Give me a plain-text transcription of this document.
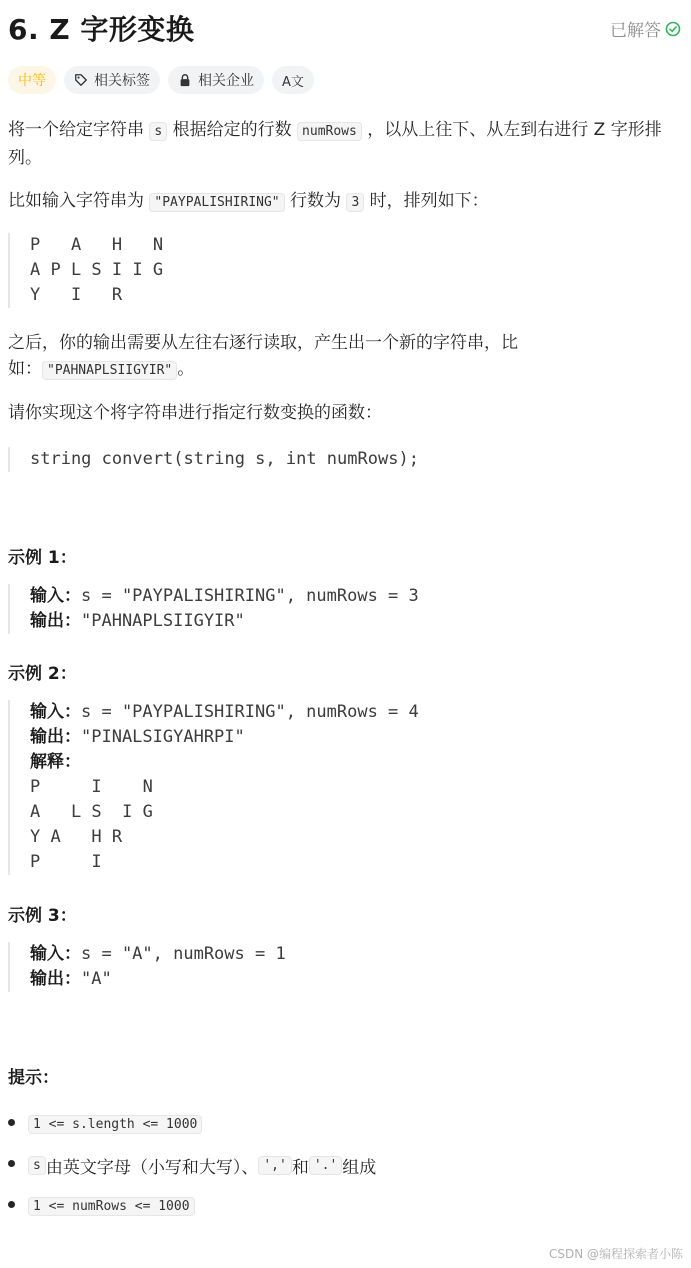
6. Z 字形变换	已解答
中等	相关标签	相关企业 A文
将一个给定字符串 s 根据给定的行数 numRows ，以从上往下、从左到右进行 Z 字形排
列。
比如输入字符串为 "PAYPALISHIRING" 行数为 3 时，排列如下：
P   A   H   N
A P L S I I G
Y   I   R
之后，你的输出需要从左往右逐行读取，产生出一个新的字符串，比
如： "PAHNAPLSIIGYIR" 。
请你实现这个将字符串进行指定行数变换的函数：
string convert(string s, int numRows);
示例 1：
输入：s = "PAYPALISHIRING", numRows = 3
输出："PAHNAPLSIIGYIR"
示例 2：
输入：s = "PAYPALISHIRING", numRows = 4
输出："PINALSIGYAHRPI"
解释：
P     I    N
A   L S  I G
Y A   H R
P     I
示例 3：
输入：s = "A", numRows = 1
输出："A"
提示：
1 <= s.length <= 1000
s 由英文字母（小写和大写）、 ',' 和 '.' 组成
1 <= numRows <= 1000
CSDN @编程探索者小陈
